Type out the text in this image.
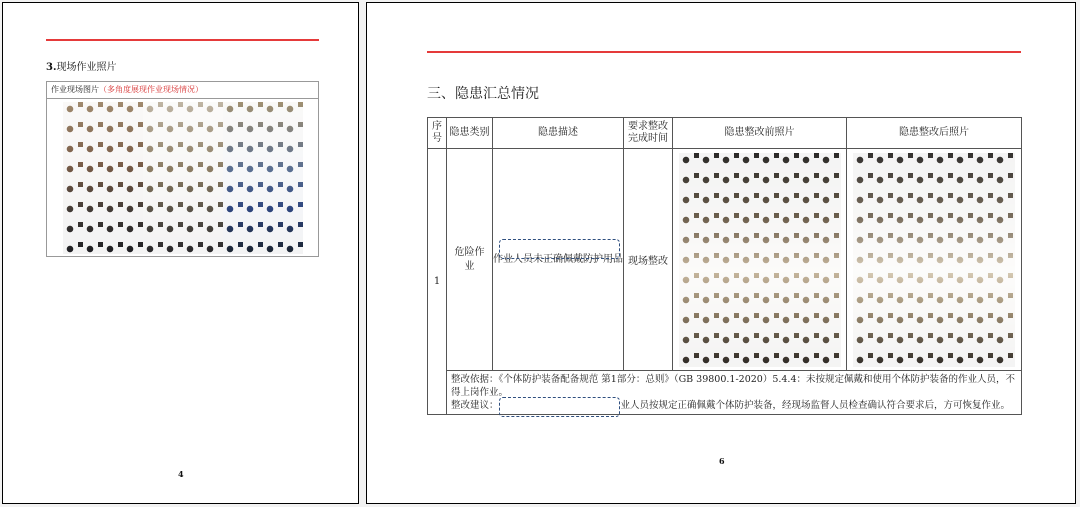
3.现场作业照片
作业现场图片（多角度展现作业现场情况）
4
三、隐患汇总情况
序号	隐患类别	隐患描述	要求整改完成时间	隐患整改前照片	隐患整改后照片
1	危险作业	作业人员未正确佩戴防护用品	现场整改	

	整改依据：《个体防护装备配备规范 第1部分：总则》（GB 39800.1-2020）5.4.4：未按规定佩戴和使用个体防护装备的作业人员，不得上岗作业。
整改建议： 业人员按规定正确佩戴个体防护装备，经现场监督人员检查确认符合要求后，方可恢复作业。				
6
